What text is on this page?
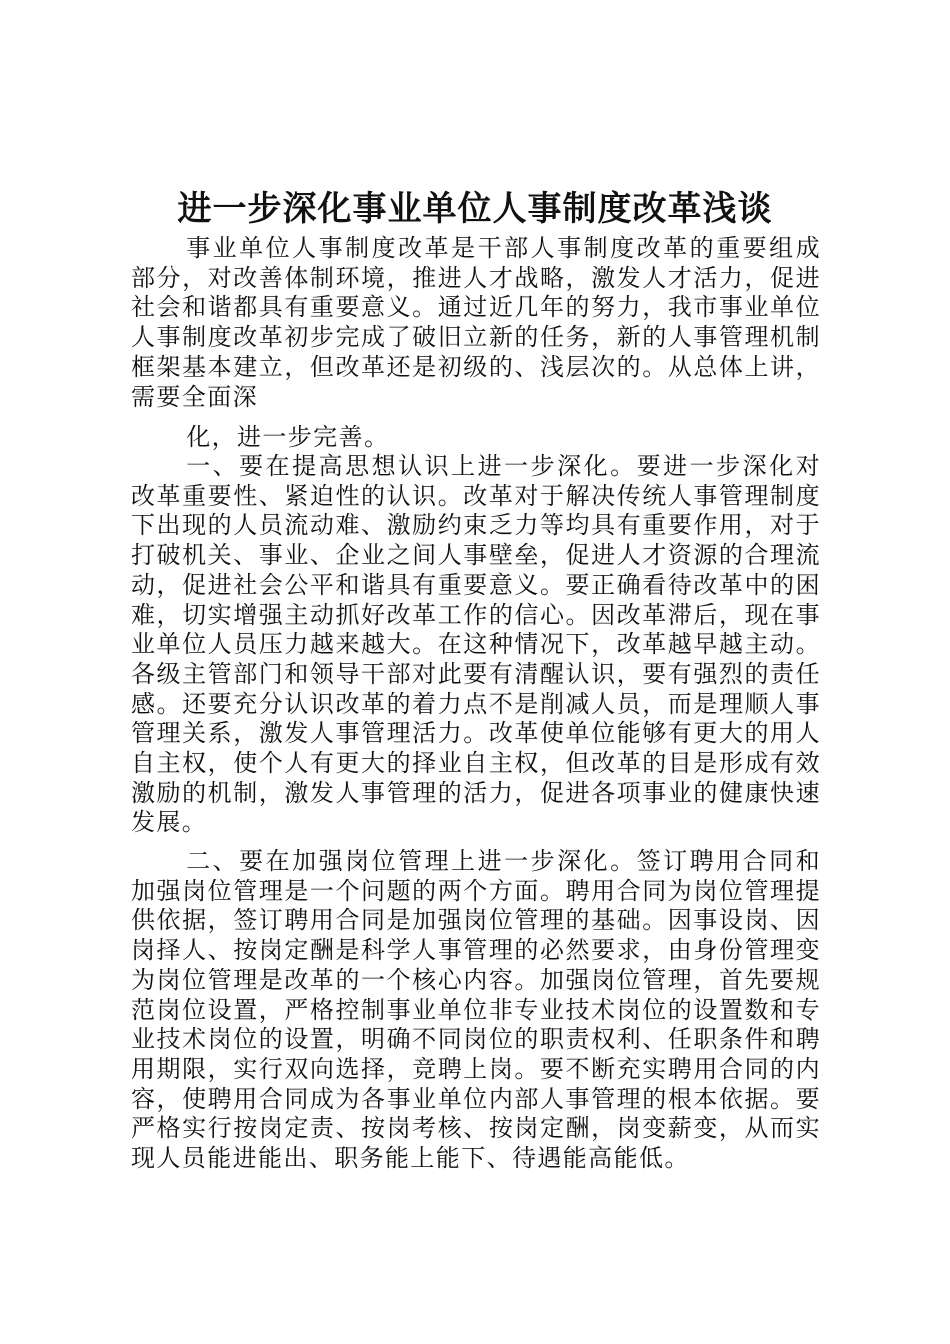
进一步深化事业单位人事制度改革浅谈

事业单位人事制度改革是干部人事制度改革的重要组成部分，对改善体制环境，推进人才战略，激发人才活力，促进社会和谐都具有重要意义。通过近几年的努力，我市事业单位人事制度改革初步完成了破旧立新的任务，新的人事管理机制框架基本建立，但改革还是初级的、浅层次的。从总体上讲，需要全面深

化，进一步完善。

一、要在提高思想认识上进一步深化。要进一步深化对改革重要性、紧迫性的认识。改革对于解决传统人事管理制度下出现的人员流动难、激励约束乏力等均具有重要作用，对于打破机关、事业、企业之间人事壁垒，促进人才资源的合理流动，促进社会公平和谐具有重要意义。要正确看待改革中的困难，切实增强主动抓好改革工作的信心。因改革滞后，现在事业单位人员压力越来越大。在这种情况下，改革越早越主动。各级主管部门和领导干部对此要有清醒认识，要有强烈的责任感。还要充分认识改革的着力点不是削减人员，而是理顺人事管理关系，激发人事管理活力。改革使单位能够有更大的用人自主权，使个人有更大的择业自主权，但改革的目是形成有效激励的机制，激发人事管理的活力，促进各项事业的健康快速发展。

二、要在加强岗位管理上进一步深化。签订聘用合同和加强岗位管理是一个问题的两个方面。聘用合同为岗位管理提供依据，签订聘用合同是加强岗位管理的基础。因事设岗、因岗择人、按岗定酬是科学人事管理的必然要求，由身份管理变为岗位管理是改革的一个核心内容。加强岗位管理，首先要规范岗位设置，严格控制事业单位非专业技术岗位的设置数和专业技术岗位的设置，明确不同岗位的职责权利、任职条件和聘用期限，实行双向选择，竞聘上岗。要不断充实聘用合同的内容，使聘用合同成为各事业单位内部人事管理的根本依据。要严格实行按岗定责、按岗考核、按岗定酬，岗变薪变，从而实现人员能进能出、职务能上能下、待遇能高能低。
